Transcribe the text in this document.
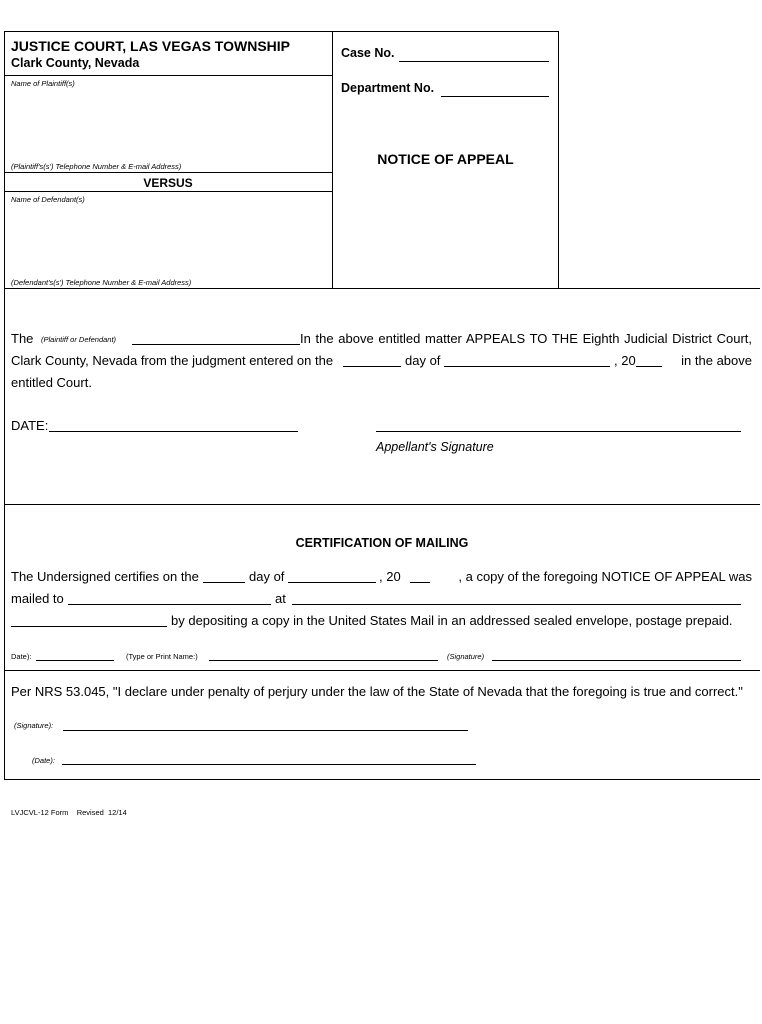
JUSTICE COURT, LAS VEGAS TOWNSHIP
Clark County, Nevada
Name of Plaintiff(s)
(Plaintiff's(s') Telephone Number & E-mail Address)
VERSUS
Name of Defendant(s)
(Defendant's(s') Telephone Number & E-mail Address)
Case No.
Department No.
NOTICE OF APPEAL
The (Plaintiff or Defendant)	In the above entitled matter APPEALS TO THE Eighth Judicial District Court,
Clark County, Nevada from the judgment entered on the	day of	, 20	in the above
entitled Court.
DATE:
Appellant's Signature
CERTIFICATION OF MAILING
The Undersigned certifies on the	day of	, 20	, a copy of the foregoing NOTICE OF APPEAL was
mailed to	at
by depositing a copy in the United States Mail in an addressed sealed envelope, postage prepaid.
Date):	(Type or Print Name:)	(Signature)
Per NRS 53.045, "I declare under penalty of perjury under the law of the State of Nevada that the foregoing is true and correct."
(Signature):
(Date):
LVJCVL-12 Form    Revised  12/14
